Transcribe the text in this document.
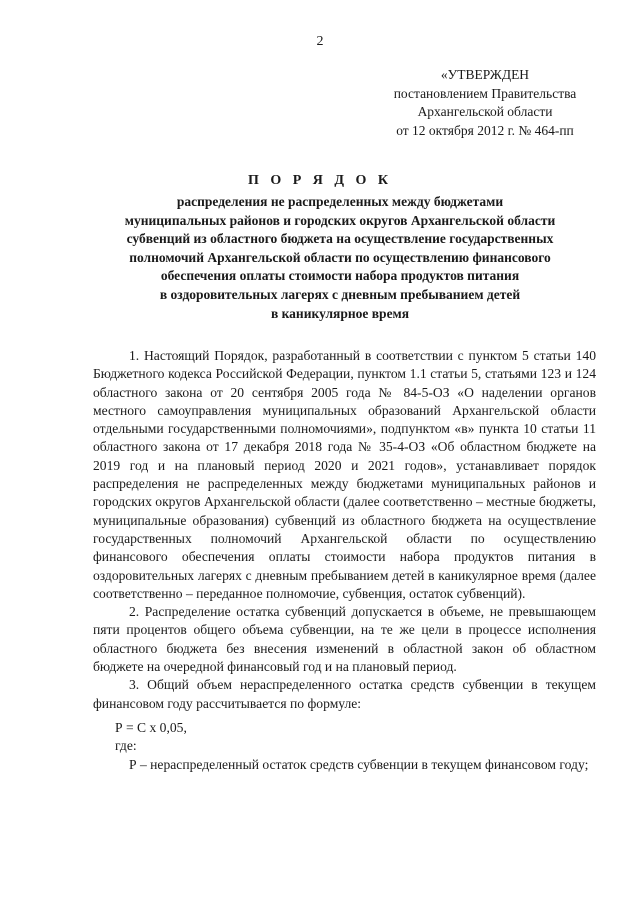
2
«УТВЕРЖДЕН
постановлением Правительства
Архангельской области
от 12 октября 2012 г. № 464-пп
П О Р Я Д О К
распределения не распределенных между бюджетами
муниципальных районов и городских округов Архангельской области
субвенций из областного бюджета на осуществление государственных
полномочий Архангельской области по осуществлению финансового
обеспечения оплаты стоимости набора продуктов питания
в оздоровительных лагерях с дневным пребыванием детей
в каникулярное время

1. Настоящий Порядок, разработанный в соответствии с пунктом 5 статьи 140 Бюджетного кодекса Российской Федерации, пунктом 1.1 статьи 5, статьями 123 и 124 областного закона от 20 сентября 2005 года № 84-5-ОЗ «О наделении органов местного самоуправления муниципальных образований Архангельской области отдельными государственными полномочиями», подпунктом «в» пункта 10 статьи 11 областного закона от 17 декабря 2018 года № 35-4-ОЗ «Об областном бюджете на 2019 год и на плановый период 2020 и 2021 годов», устанавливает порядок распределения не распределенных между бюджетами муниципальных районов и городских округов Архангельской области (далее соответственно – местные бюджеты, муниципальные образования) субвенций из областного бюджета на осуществление государственных полномочий Архангельской области по осуществлению финансового обеспечения оплаты стоимости набора продуктов питания в оздоровительных лагерях с дневным пребыванием детей в каникулярное время (далее соответственно – переданное полномочие, субвенция, остаток субвенций).

2. Распределение остатка субвенций допускается в объеме, не превышающем пяти процентов общего объема субвенции, на те же цели в процессе исполнения областного бюджета без внесения изменений в областной закон об областном бюджете на очередной финансовый год и на плановый период.

3. Общий объем нераспределенного остатка средств субвенции в текущем финансовом году рассчитывается по формуле:

Р = С х 0,05,

где:

Р – нераспределенный остаток средств субвенции в текущем финансовом году;
